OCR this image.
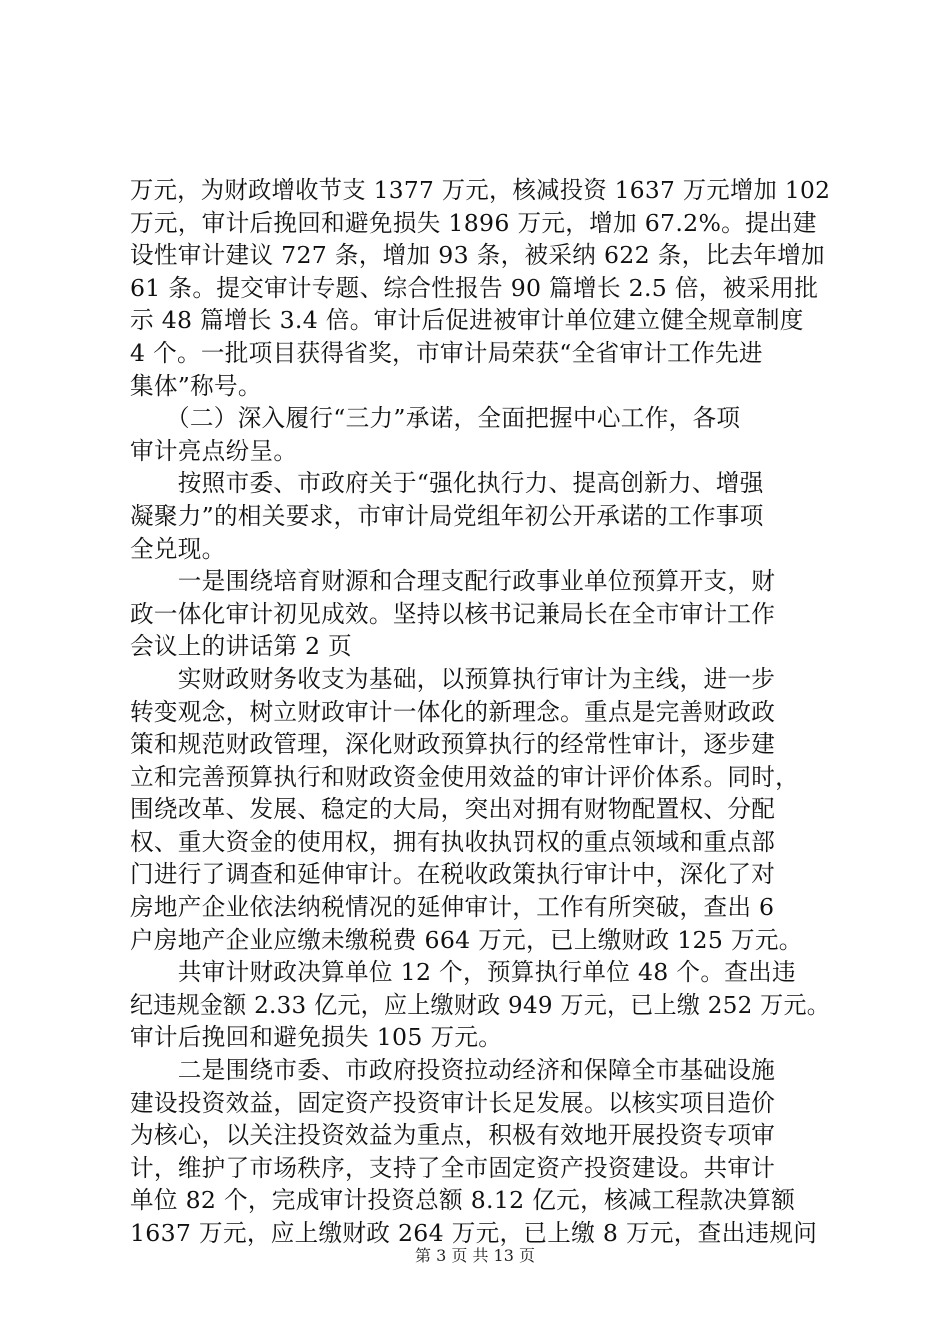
万元，为财政增收节支 1377 万元，核减投资 1637 万元增加 102
万元，审计后挽回和避免损失 1896 万元，增加 67.2%。提出建
设性审计建议 727 条，增加 93 条，被采纳 622 条，比去年增加
61 条。提交审计专题、综合性报告 90 篇增长 2.5 倍，被采用批
示 48 篇增长 3.4 倍。审计后促进被审计单位建立健全规章制度
4 个。一批项目获得省奖，市审计局荣获“全省审计工作先进
集体”称号。
　　（二）深入履行“三力”承诺，全面把握中心工作，各项
审计亮点纷呈。
　　按照市委、市政府关于“强化执行力、提高创新力、增强
凝聚力”的相关要求，市审计局党组年初公开承诺的工作事项
全兑现。
　　一是围绕培育财源和合理支配行政事业单位预算开支，财
政一体化审计初见成效。坚持以核书记兼局长在全市审计工作
会议上的讲话第 2 页
　　实财政财务收支为基础，以预算执行审计为主线，进一步
转变观念，树立财政审计一体化的新理念。重点是完善财政政
策和规范财政管理，深化财政预算执行的经常性审计，逐步建
立和完善预算执行和财政资金使用效益的审计评价体系。同时，
围绕改革、发展、稳定的大局，突出对拥有财物配置权、分配
权、重大资金的使用权，拥有执收执罚权的重点领域和重点部
门进行了调查和延伸审计。在税收政策执行审计中，深化了对
房地产企业依法纳税情况的延伸审计，工作有所突破，查出 6
户房地产企业应缴未缴税费 664 万元，已上缴财政 125 万元。
　　共审计财政决算单位 12 个，预算执行单位 48 个。查出违
纪违规金额 2.33 亿元，应上缴财政 949 万元，已上缴 252 万元。
审计后挽回和避免损失 105 万元。
　　二是围绕市委、市政府投资拉动经济和保障全市基础设施
建设投资效益，固定资产投资审计长足发展。以核实项目造价
为核心，以关注投资效益为重点，积极有效地开展投资专项审
计，维护了市场秩序，支持了全市固定资产投资建设。共审计
单位 82 个，完成审计投资总额 8.12 亿元，核减工程款决算额
1637 万元，应上缴财政 264 万元，已上缴 8 万元，查出违规问
第 3 页 共 13 页
